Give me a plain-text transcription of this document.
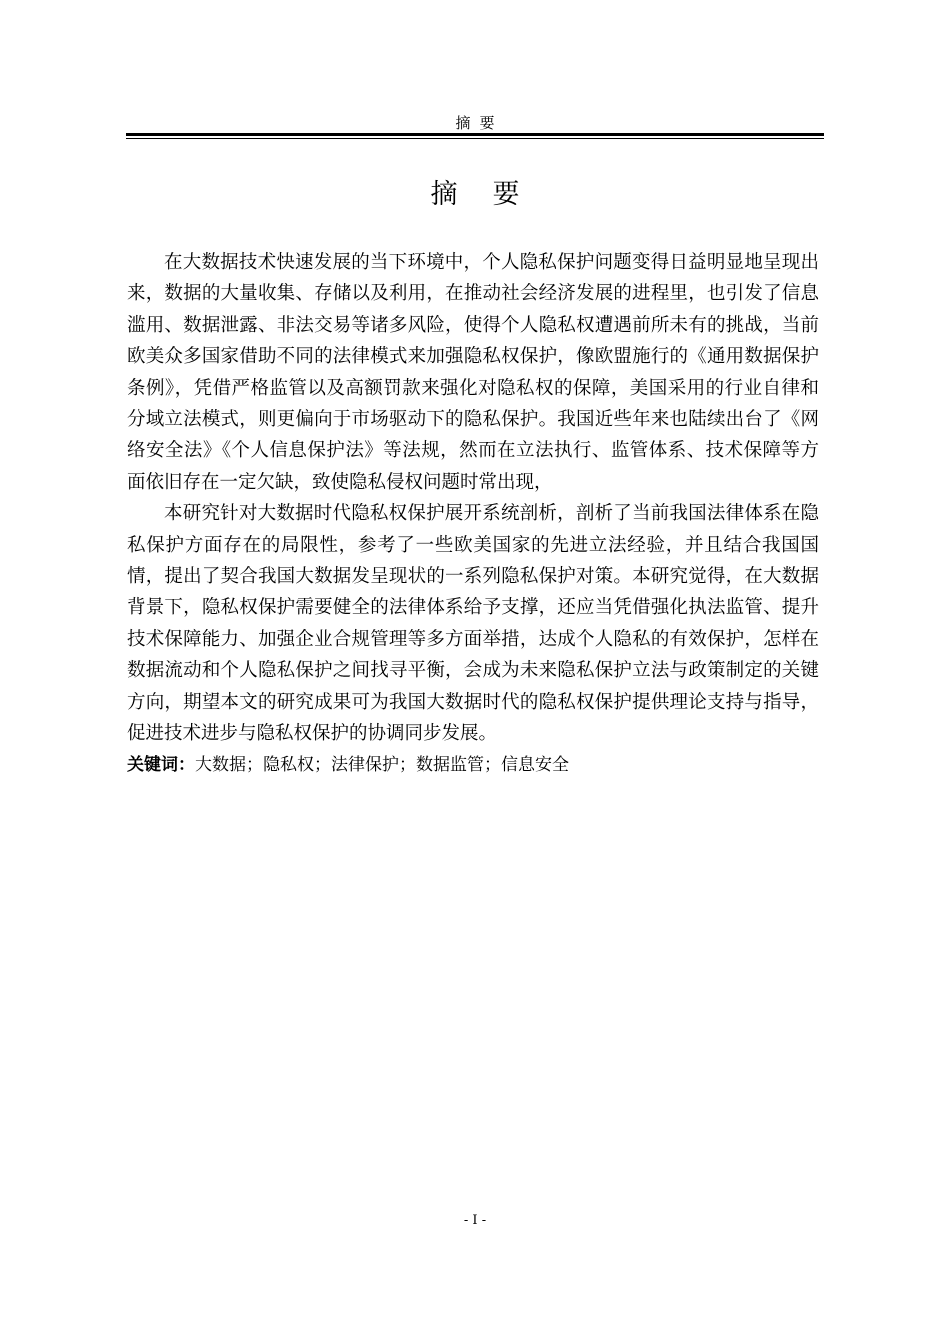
摘要
摘要

在大数据技术快速发展的当下环境中，个人隐私保护问题变得日益明显地呈现出来，数据的大量收集、存储以及利用，在推动社会经济发展的进程里，也引发了信息滥用、数据泄露、非法交易等诸多风险，使得个人隐私权遭遇前所未有的挑战，当前欧美众多国家借助不同的法律模式来加强隐私权保护，像欧盟施行的《通用数据保护条例》，凭借严格监管以及高额罚款来强化对隐私权的保障，美国采用的行业自律和分域立法模式，则更偏向于市场驱动下的隐私保护。我国近些年来也陆续出台了《网络安全法》《个人信息保护法》等法规，然而在立法执行、监管体系、技术保障等方面依旧存在一定欠缺，致使隐私侵权问题时常出现，

本研究针对大数据时代隐私权保护展开系统剖析，剖析了当前我国法律体系在隐私保护方面存在的局限性，参考了一些欧美国家的先进立法经验，并且结合我国国情，提出了契合我国大数据发呈现状的一系列隐私保护对策。本研究觉得，在大数据背景下，隐私权保护需要健全的法律体系给予支撑，还应当凭借强化执法监管、提升技术保障能力、加强企业合规管理等多方面举措，达成个人隐私的有效保护，怎样在数据流动和个人隐私保护之间找寻平衡，会成为未来隐私保护立法与政策制定的关键方向，期望本文的研究成果可为我国大数据时代的隐私权保护提供理论支持与指导，促进技术进步与隐私权保护的协调同步发展。

关键词：大数据；隐私权；法律保护；数据监管；信息安全
- I -
